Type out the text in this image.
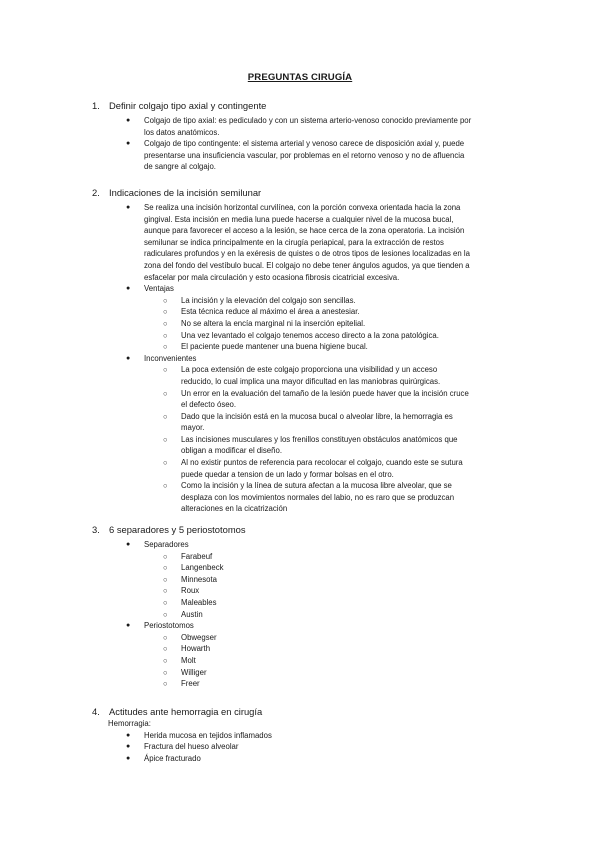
PREGUNTAS CIRUGÍA
1. Definir colgajo tipo axial y contingente
● Colgajo de tipo axial: es pediculado y con un sistema arterio-venoso conocido previamente por los datos anatómicos.
● Colgajo de tipo contingente: el sistema arterial y venoso carece de disposición axial y, puede presentarse una insuficiencia vascular, por problemas en el retorno venoso y no de afluencia de sangre al colgajo.
2. Indicaciones de la incisión semilunar
● Se realiza una incisión horizontal curvilínea, con la porción convexa orientada hacia la zona gingival. Esta incisión en media luna puede hacerse a cualquier nivel de la mucosa bucal, aunque para favorecer el acceso a la lesión, se hace cerca de la zona operatoria. La incisión semilunar se indica principalmente en la cirugía periapical, para la extracción de restos radiculares profundos y en la exéresis de quistes o de otros tipos de lesiones localizadas en la zona del fondo del vestíbulo bucal. El colgajo no debe tener ángulos agudos, ya que tienden a esfacelar por mala circulación y esto ocasiona fibrosis cicatricial excesiva.
● Ventajas
○ La incisión y la elevación del colgajo son sencillas.
○ Esta técnica reduce al máximo el área a anestesiar.
○ No se altera la encía marginal ni la inserción epitelial.
○ Una vez levantado el colgajo tenemos acceso directo a la zona patológica.
○ El paciente puede mantener una buena higiene bucal.
● Inconvenientes
○ La poca extensión de este colgajo proporciona una visibilidad y un acceso reducido, lo cual implica una mayor dificultad en las maniobras quirúrgicas.
○ Un error en la evaluación del tamaño de la lesión puede haver que la incisión cruce el defecto óseo.
○ Dado que la incisión está en la mucosa bucal o alveolar libre, la hemorragia es mayor.
○ Las incisiones musculares y los frenillos constituyen obstáculos anatómicos que obligan a modificar el diseño.
○ Al no existir puntos de referencia para recolocar el colgajo, cuando este se sutura puede quedar a tension de un lado y formar bolsas en el otro.
○ Como la incisión y la línea de sutura afectan a la mucosa libre alveolar, que se desplaza con los movimientos normales del labio, no es raro que se produzcan alteraciones en la cicatrización
3. 6 separadores y 5 periostotomos
● Separadores
○ Farabeuf
○ Langenbeck
○ Minnesota
○ Roux
○ Maleables
○ Austin
● Periostotomos
○ Obwegser
○ Howarth
○ Molt
○ Williger
○ Freer
4. Actitudes ante hemorragia en cirugía
Hemorragia:
● Herida mucosa en tejidos inflamados
● Fractura del hueso alveolar
● Ápice fracturado
